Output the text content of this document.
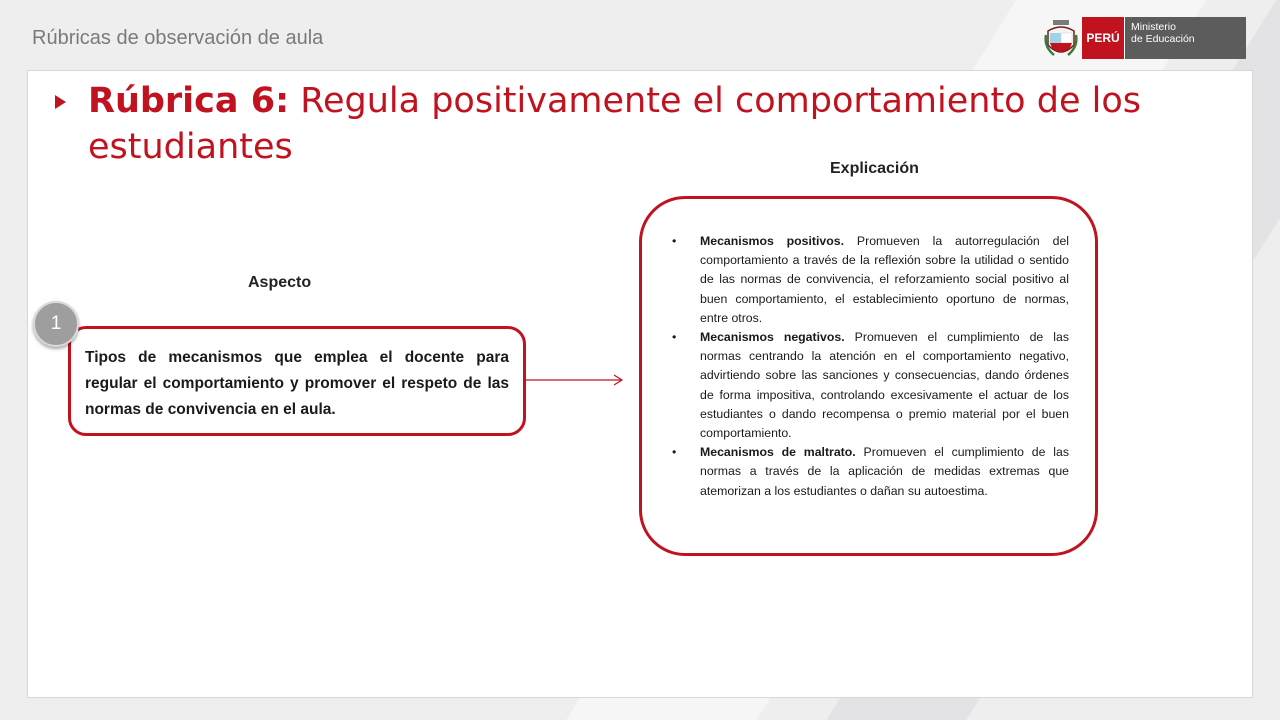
Rúbricas de observación de aula	PERÚ
Ministerio
de Educación
Rúbrica 6: Regula positivamente el comportamiento de los estudiantes
Explicación
Aspecto

Tipos de mecanismos que emplea el docente para regular el comportamiento y promover el respeto de las normas de convivencia en el aula.

1
• Mecanismos positivos. Promueven la autorregulación del comportamiento a través de la reflexión sobre la utilidad o sentido de las normas de convivencia, el reforzamiento social positivo al buen comportamiento, el establecimiento oportuno de normas, entre otros.
• Mecanismos negativos. Promueven el cumplimiento de las normas centrando la atención en el comportamiento negativo, advirtiendo sobre las sanciones y consecuencias, dando órdenes de forma impositiva, controlando excesivamente el actuar de los estudiantes o dando recompensa o premio material por el buen comportamiento.
• Mecanismos de maltrato. Promueven el cumplimiento de las normas a través de la aplicación de medidas extremas que atemorizan a los estudiantes o dañan su autoestima.
